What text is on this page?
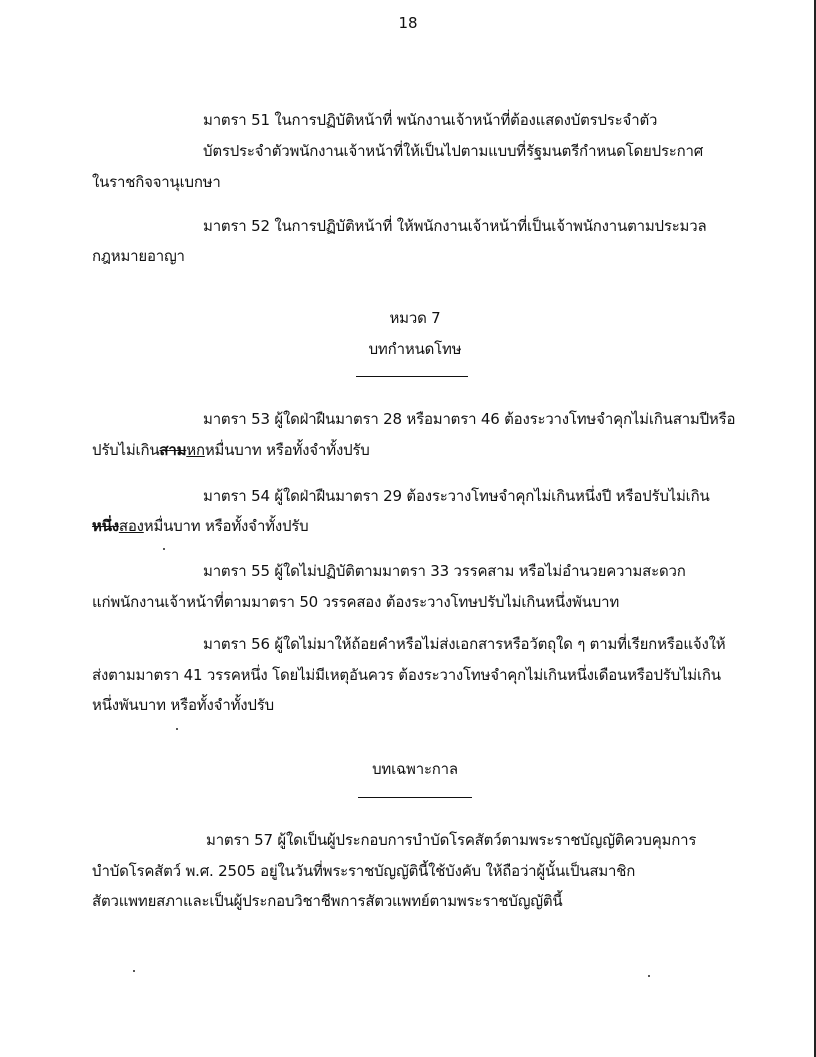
18
มาตรา 51 ในการปฏิบัติหน้าที่ พนักงานเจ้าหน้าที่ต้องแสดงบัตรประจำตัว
บัตรประจำตัวพนักงานเจ้าหน้าที่ให้เป็นไปตามแบบที่รัฐมนตรีกำหนดโดยประกาศ
ในราชกิจจานุเบกษา
มาตรา 52 ในการปฏิบัติหน้าที่ ให้พนักงานเจ้าหน้าที่เป็นเจ้าพนักงานตามประมวล
กฎหมายอาญา
หมวด 7
บทกำหนดโทษ
มาตรา 53 ผู้ใดฝ่าฝืนมาตรา 28 หรือมาตรา 46 ต้องระวางโทษจำคุกไม่เกินสามปีหรือ
ปรับไม่เกินสามหกหมื่นบาท หรือทั้งจำทั้งปรับ
มาตรา 54 ผู้ใดฝ่าฝืนมาตรา 29 ต้องระวางโทษจำคุกไม่เกินหนึ่งปี หรือปรับไม่เกิน
หนึ่งสองหมื่นบาท หรือทั้งจำทั้งปรับ
มาตรา 55 ผู้ใดไม่ปฏิบัติตามมาตรา 33 วรรคสาม หรือไม่อำนวยความสะดวก
แก่พนักงานเจ้าหน้าที่ตามมาตรา 50 วรรคสอง ต้องระวางโทษปรับไม่เกินหนึ่งพันบาท
มาตรา 56 ผู้ใดไม่มาให้ถ้อยคำหรือไม่ส่งเอกสารหรือวัตถุใด ๆ ตามที่เรียกหรือแจ้งให้
ส่งตามมาตรา 41 วรรคหนึ่ง โดยไม่มีเหตุอันควร ต้องระวางโทษจำคุกไม่เกินหนึ่งเดือนหรือปรับไม่เกิน
หนึ่งพันบาท หรือทั้งจำทั้งปรับ
บทเฉพาะกาล
มาตรา 57 ผู้ใดเป็นผู้ประกอบการบำบัดโรคสัตว์ตามพระราชบัญญัติควบคุมการ
บำบัดโรคสัตว์ พ.ศ. 2505 อยู่ในวันที่พระราชบัญญัตินี้ใช้บังคับ ให้ถือว่าผู้นั้นเป็นสมาชิก
สัตวแพทยสภาและเป็นผู้ประกอบวิชาชีพการสัตวแพทย์ตามพระราชบัญญัตินี้
